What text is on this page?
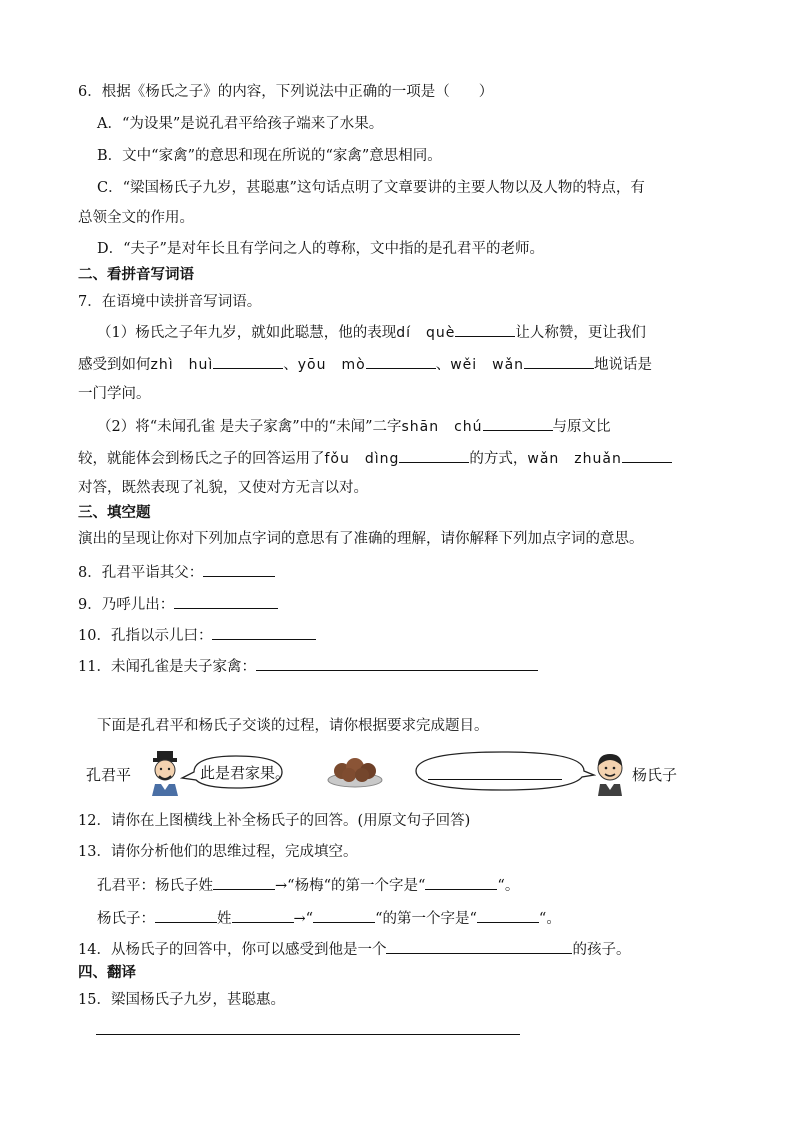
6．根据《杨氏之子》的内容，下列说法中正确的一项是（　　）
A．“为设果”是说孔君平给孩子端来了水果。
B．文中“家禽”的意思和现在所说的“家禽”意思相同。
C．“梁国杨氏子九岁，甚聪惠”这句话点明了文章要讲的主要人物以及人物的特点，有
总领全文的作用。
D．“夫子”是对年长且有学问之人的尊称，文中指的是孔君平的老师。
二、看拼音写词语
7．在语境中读拼音写词语。
（1）杨氏之子年九岁，就如此聪慧，他的表现dí　què	让人称赞，更让我们
感受到如何zhì　huì	、yōu　mò	、wěi　wǎn	地说话是
一门学问。
（2）将“未闻孔雀 是夫子家禽”中的“未闻”二字shān　chú	与原文比
较，就能体会到杨氏之子的回答运用了fǒu　dìng	的方式，wǎn　zhuǎn
对答，既然表现了礼貌，又使对方无言以对。
三、填空题
演出的呈现让你对下列加点字词的意思有了准确的理解，请你解释下列加点字词的意思。
8．孔君平诣其父：
9．乃呼儿出：
10．孔指以示儿曰：
11．未闻孔雀是夫子家禽：
下面是孔君平和杨氏子交谈的过程，请你根据要求完成题目。
孔君平	此是君家果。	杨氏子
12．请你在上图横线上补全杨氏子的回答。(用原文句子回答)
13．请你分析他们的思维过程，完成填空。
孔君平：杨氏子姓	→“杨梅“的第一个字是“	“。
杨氏子：	姓	→“	“的第一个字是“	“。
14．从杨氏子的回答中，你可以感受到他是一个	的孩子。
四、翻译
15．梁国杨氏子九岁，甚聪惠。
